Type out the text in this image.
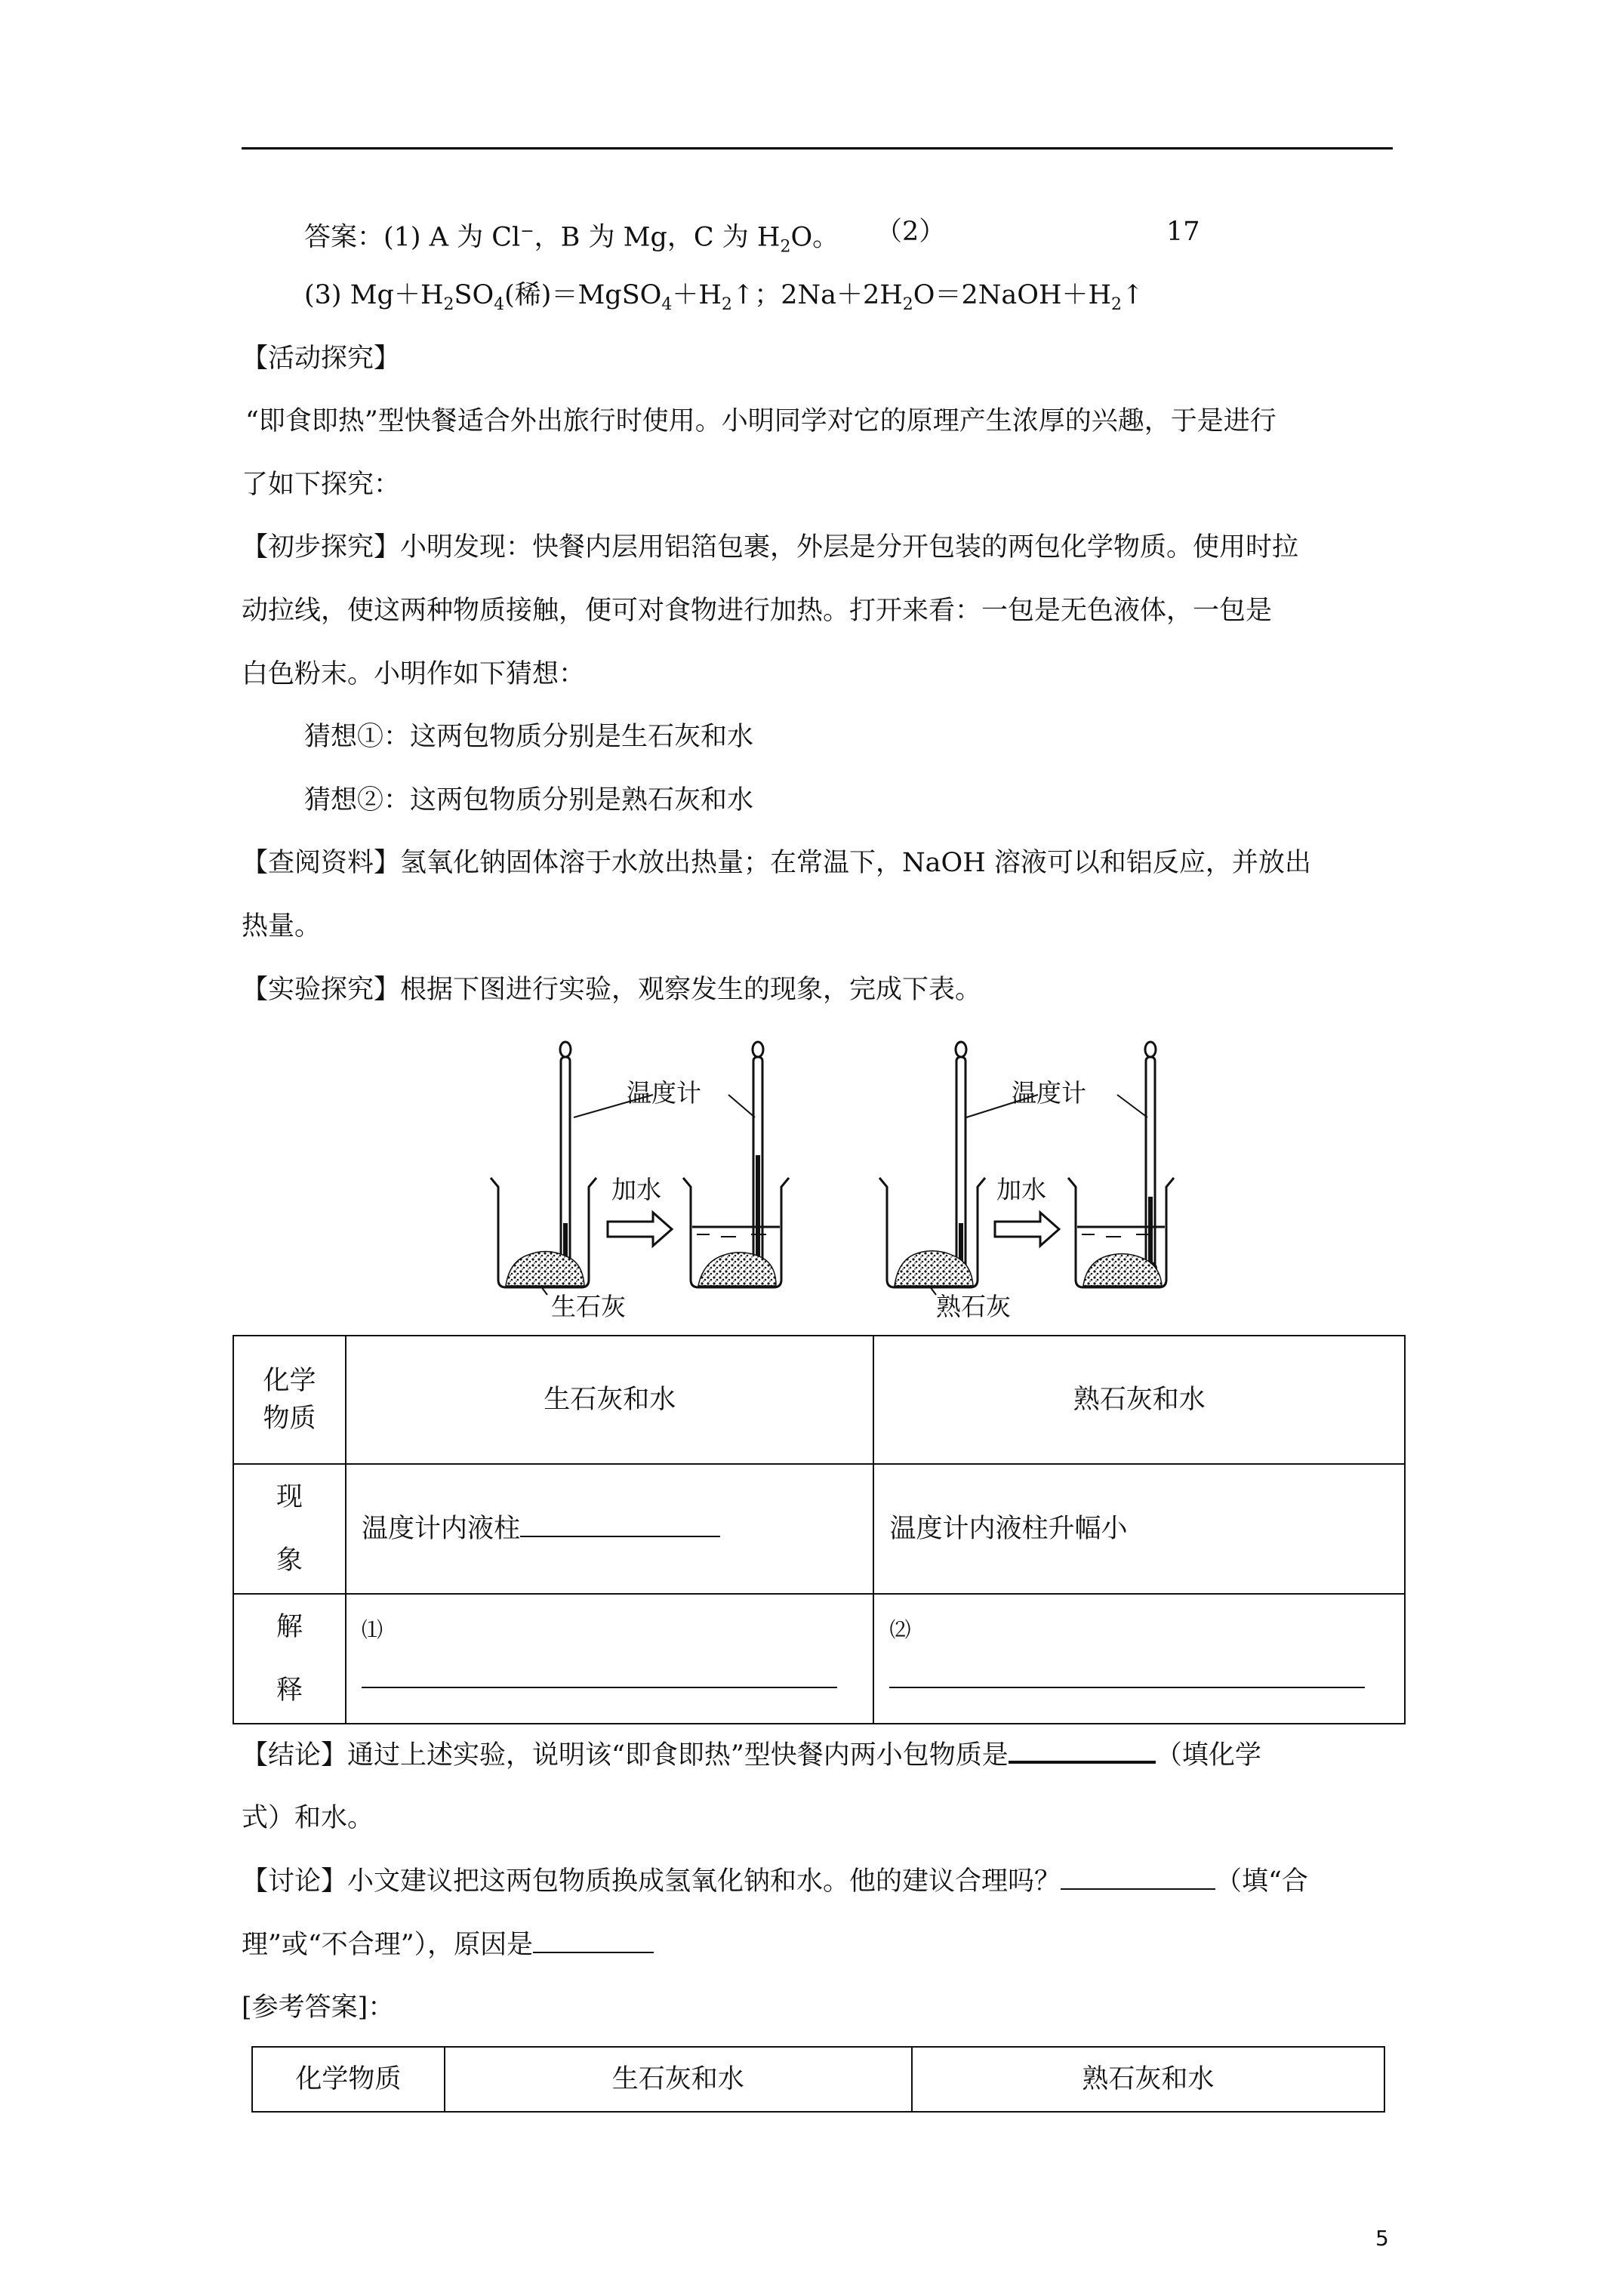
答案：(1) A 为 Cl−，B 为 Mg，C 为 $H_2O$。 （2）	17
(3) $Mg+H_2SO_4$(稀)$=MgSO_4+H_2↑$；$2Na+2H_2O=2NaOH+H_2↑$
【活动探究】
“即食即热”型快餐适合外出旅行时使用。小明同学对它的原理产生浓厚的兴趣，于是进行
了如下探究：
【初步探究】小明发现：快餐内层用铝箔包裹，外层是分开包装的两包化学物质。使用时拉
动拉线，使这两种物质接触，便可对食物进行加热。打开来看：一包是无色液体，一包是
白色粉末。小明作如下猜想：
猜想①：这两包物质分别是生石灰和水
猜想②：这两包物质分别是熟石灰和水
【查阅资料】氢氧化钠固体溶于水放出热量；在常温下，NaOH 溶液可以和铝反应，并放出
热量。
【实验探究】根据下图进行实验，观察发生的现象，完成下表。
温度计	温度计
加水	加水
生石灰	熟石灰
化学物质	生石灰和水	熟石灰和水

现象	温度计内液柱	温度计内液柱升幅小

解释	⑴	⑵
【结论】通过上述实验，说明该“即食即热”型快餐内两小包物质是	（填化学
式）和水。
【讨论】小文建议把这两包物质换成氢氧化钠和水。他的建议合理吗？	（填“合
理”或“不合理”），原因是
[参考答案]：
化学物质	生石灰和水	熟石灰和水
5
